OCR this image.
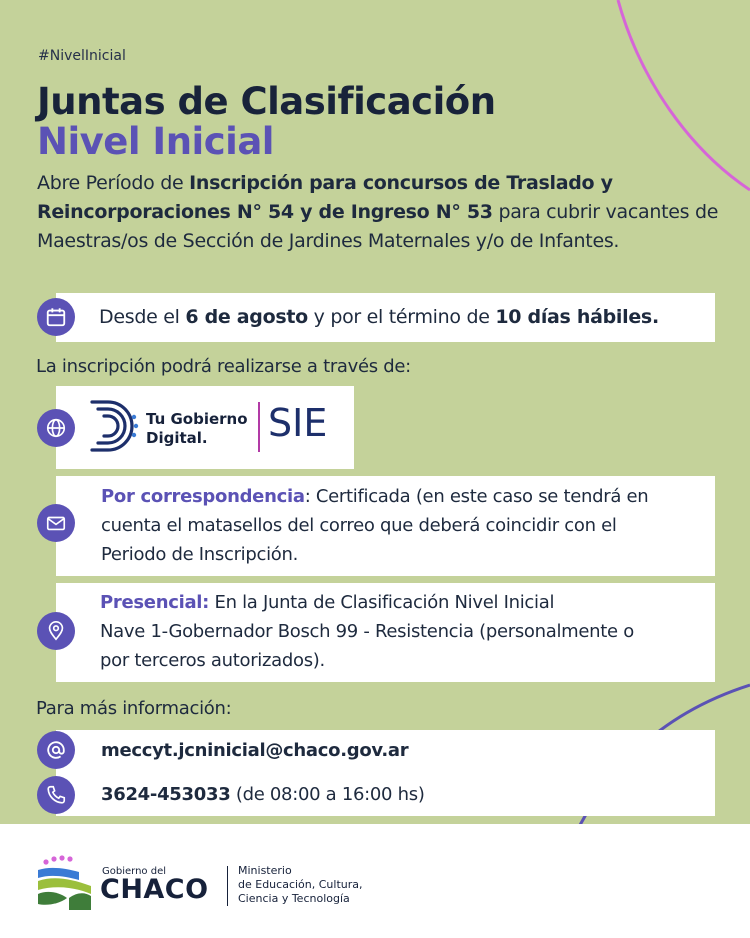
#NivelInicial
Juntas de Clasificación
Nivel Inicial
Abre Período de Inscripción para concursos de Traslado y Reincorporaciones N° 54 y de Ingreso N° 53 para cubrir vacantes de Maestras/os de Sección de Jardines Maternales y/o de Infantes.
Desde el 6 de agosto y por el término de 10 días hábiles.
La inscripción podrá realizarse a través de:
Tu Gobierno
Digital.	SIE
Por correspondencia: Certificada (en este caso se tendrá en
cuenta el matasellos del correo que deberá coincidir con el
Periodo de Inscripción.
Presencial: En la Junta de Clasificación Nivel Inicial
Nave 1-Gobernador Bosch 99 - Resistencia (personalmente o
por terceros autorizados).
Para más información:
meccyt.jcninicial@chaco.gov.ar
3624-453033 (de 08:00 a 16:00 hs)
Gobierno del
CHACO
Ministerio
de Educación, Cultura,
Ciencia y Tecnología
